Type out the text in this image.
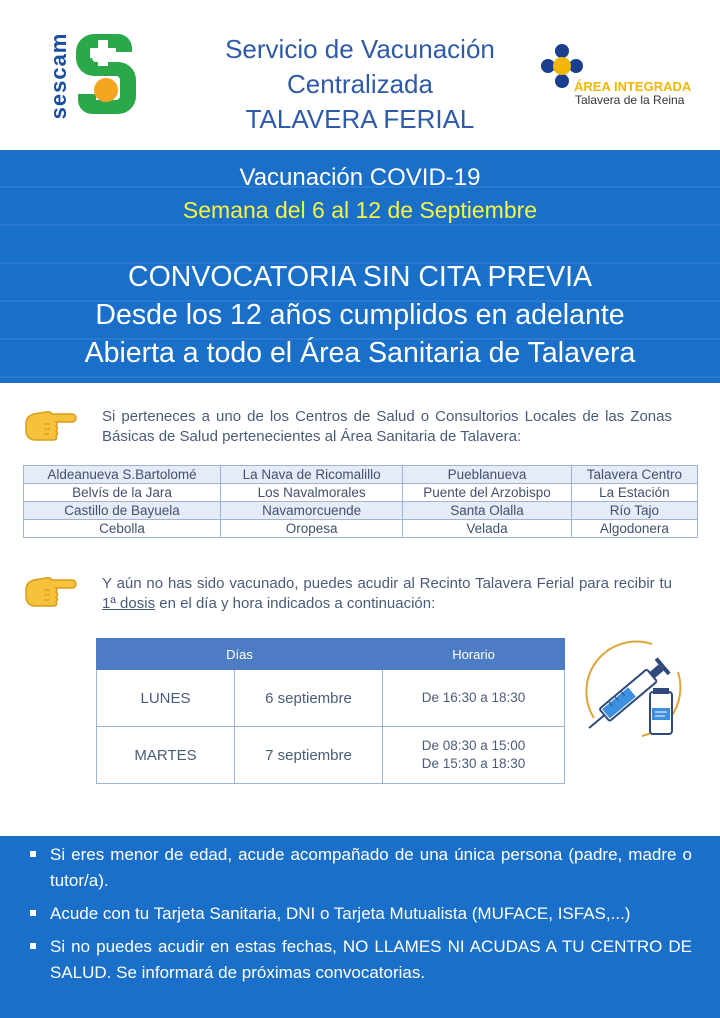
sescam	Servicio de Vacunación
Centralizada
TALAVERA FERIAL
ÁREA INTEGRADA
Talavera de la Reina
Vacunación COVID-19
Semana del 6 al 12 de Septiembre
CONVOCATORIA SIN CITA PREVIA
Desde los 12 años cumplidos en adelante
Abierta a todo el Área Sanitaria de Talavera
Si perteneces a uno de los Centros de Salud o Consultorios Locales de las Zonas Básicas de Salud pertenecientes al Área Sanitaria de Talavera:
Aldeanueva S.Bartolomé	La Nava de Ricomalillo	Pueblanueva	Talavera Centro
Belvís de la Jara	Los Navalmorales	Puente del Arzobispo	La Estación
Castillo de Bayuela	Navamorcuende	Santa Olalla	Río Tajo
Cebolla	Oropesa	Velada	Algodonera
Y aún no has sido vacunado, puedes acudir al Recinto Talavera Ferial para recibir tu 1ª dosis en el día y hora indicados a continuación:
Días		Horario
LUNES	6 septiembre	De 16:30 a 18:30

MARTES	7 septiembre	De 08:30 a 15:00
De 15:30 a 18:30
Si eres menor de edad, acude acompañado de una única persona (padre, madre o tutor/a).
Acude con tu Tarjeta Sanitaria, DNI o Tarjeta Mutualista (MUFACE, ISFAS,...)
Si no puedes acudir en estas fechas, NO LLAMES NI ACUDAS A TU CENTRO DE SALUD. Se informará de próximas convocatorias.
